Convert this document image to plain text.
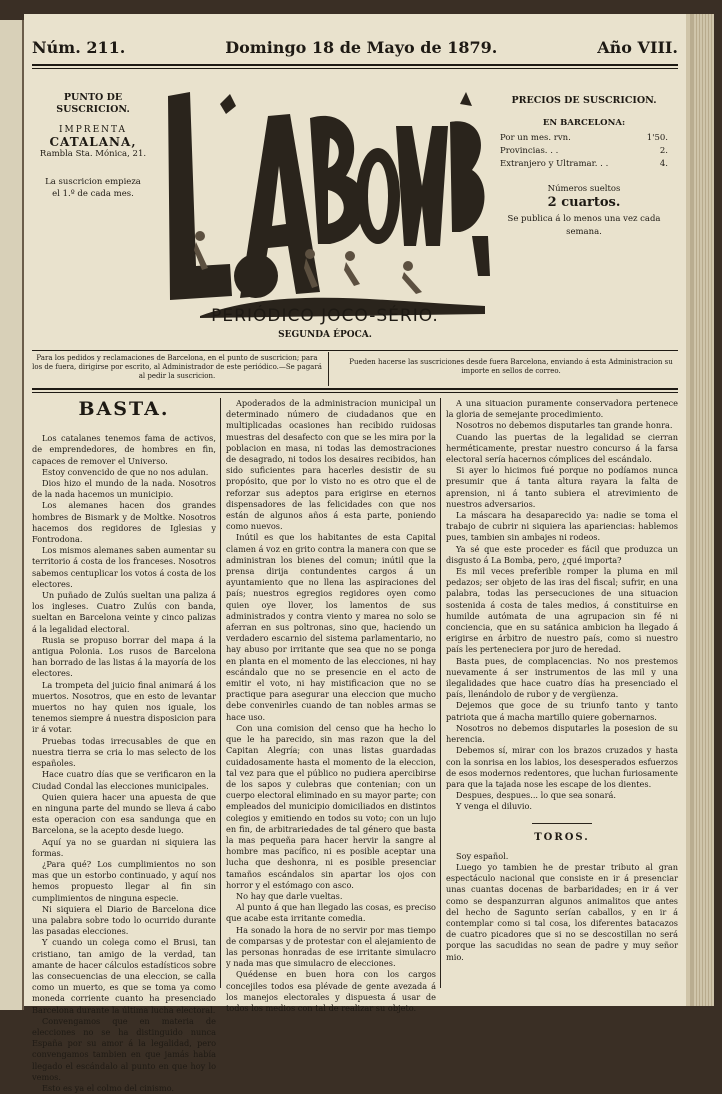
Núm. 211.	Domingo 18 de Mayo de 1879.	Año VIII.
PUNTO DE SUSCRICION.
IMPRENTA
CATALANA,
Rambla Sta. Mónica, 21.
La suscricion empieza
el 1.º de cada mes.
PERIÓDICO JOCO-SÉRIO.
SEGUNDA ÉPOCA.
PRECIOS DE SUSCRICION.
EN BARCELONA:
Por un mes. rvn.	1'50.
Provincias. . .	2.
Extranjero y Ultramar. . .	4.
Números sueltos
2 cuartos.
Se publica á lo menos una vez cada semana.
Para los pedidos y reclamaciones de Barcelona, en el punto de suscricion; para los de fuera, dirigirse por escrito, al Administrador de este periódico.—Se pagará al pedir la suscricion.
Pueden hacerse las suscriciones desde fuera Barcelona, enviando á esta Administracion su importe en sellos de correo.
BASTA.

Los catalanes tenemos fama de activos, de emprendedores, de hombres en fin, capaces de remover el Universo.

Estoy convencido de que no nos adulan.

Dios hizo el mundo de la nada. Nosotros de la nada hacemos un municipio.

Los alemanes hacen dos grandes hombres de Bismark y de Moltke. Nosotros hacemos dos regidores de Iglesias y Fontrodona.

Los mismos alemanes saben aumentar su territorio á costa de los franceses. Nosotros sabemos centuplicar los votos á costa de los electores.

Un puñado de Zulús sueltan una paliza á los ingleses. Cuatro Zulús con banda, sueltan en Barcelona veinte y cinco palizas á la legalidad electoral.

Rusia se propuso borrar del mapa á la antigua Polonia. Los rusos de Barcelona han borrado de las listas á la mayoría de los electores.

La trompeta del juicio final animará á los muertos. Nosotros, que en esto de levantar muertos no hay quien nos iguale, los tenemos siempre á nuestra disposicion para ir á votar.

Pruebas todas irrecusables de que en nuestra tierra se cria lo mas selecto de los españoles.

Hace cuatro días que se verificaron en la Ciudad Condal las elecciones municipales.

Quien quiera hacer una apuesta de que en ninguna parte del mundo se lleva á cabo esta operacion con esa sandunga que en Barcelona, se la acepto desde luego.

Aquí ya no se guardan ni siquiera las formas.

¿Para qué? Los cumplimientos no son mas que un estorbo continuado, y aquí nos hemos propuesto llegar al fin sin cumplimientos de ninguna especie.

Ni siquiera el Diario de Barcelona dice una palabra sobre todo lo ocurrido durante las pasadas elecciones.

Y cuando un colega como el Brusi, tan cristiano, tan amigo de la verdad, tan amante de hacer cálculos estadísticos sobre las consecuencias de una eleccion, se calla como un muerto, es que se toma ya como moneda corriente cuanto ha presenciado Barcelona durante la última lucha electoral.

Convengamos que en materia de elecciones no se ha distinguido nunca España por su amor á la legalidad, pero convengamos tambien en que jamás había llegado el escándalo al punto en que hoy lo vemos.

Esto es ya el colmo del cinismo.

Apoderados de la administracion municipal un determinado número de ciudadanos que en multiplicadas ocasiones han recibido ruidosas muestras del desafecto con que se les mira por la poblacion en masa, ni todas las demostraciones de desagrado, ni todos los desaires recibidos, han sido suficientes para hacerles desistir de su propósito, que por lo visto no es otro que el de reforzar sus adeptos para erigirse en eternos dispensadores de las felicidades con que nos están de algunos años á esta parte, poniendo como nuevos.

Inútil es que los habitantes de esta Capital clamen á voz en grito contra la manera con que se administran los bienes del comun; inútil que la prensa dirija contundentes cargos á un ayuntamiento que no llena las aspiraciones del país; nuestros egregios regidores oyen como quien oye llover, los lamentos de sus administrados y contra viento y marea no solo se aferran en sus poltronas, sino que, haciendo un verdadero escarnio del sistema parlamentario, no hay abuso por irritante que sea que no se ponga en planta en el momento de las elecciones, ni hay escándalo que no se presencie en el acto de emitir el voto, ni hay mistificacion que no se practique para asegurar una eleccion que mucho debe convenirles cuando de tan nobles armas se hace uso.

Con una comision del censo que ha hecho lo que le ha parecido, sin mas razon que la del Capitan Alegría; con unas listas guardadas cuidadosamente hasta el momento de la eleccion, tal vez para que el público no pudiera apercibirse de los sapos y culebras que contenian; con un cuerpo electoral eliminado en su mayor parte; con empleados del municipio domiciliados en distintos colegios y emitiendo en todos su voto; con un lujo en fin, de arbitrariedades de tal género que basta la mas pequeña para hacer hervir la sangre al hombre mas pacífico, ni es posible aceptar una lucha que deshonra, ni es posible presenciar tamaños escándalos sin apartar los ojos con horror y el estómago con asco.

No hay que darle vueltas.

Al punto á que han llegado las cosas, es preciso que acabe esta irritante comedia.

Ha sonado la hora de no servir por mas tiempo de comparsas y de protestar con el alejamiento de las personas honradas de ese irritante simulacro y nada mas que simulacro de elecciones.

Quédense en buen hora con los cargos concejiles todos esa plévade de gente avezada á los manejos electorales y dispuesta á usar de todos los medios con tal de realizar su objeto.

A una situacion puramente conservadora pertenece la gloria de semejante procedimiento.

Nosotros no debemos disputarles tan grande honra.

Cuando las puertas de la legalidad se cierran herméticamente, prestar nuestro concurso á la farsa electoral sería hacernos cómplices del escándalo.

Si ayer lo hicimos fué porque no podíamos nunca presumir que á tanta altura rayara la falta de aprension, ni á tanto subiera el atrevimiento de nuestros adversarios.

La máscara ha desaparecido ya: nadie se toma el trabajo de cubrir ni siquiera las apariencias: hablemos pues, tambien sin ambajes ni rodeos.

Ya sé que este proceder es fácil que produzca un disgusto á La Bomba, pero, ¿qué importa?

Es mil veces preferible romper la pluma en mil pedazos; ser objeto de las iras del fiscal; sufrir, en una palabra, todas las persecuciones de una situacion sostenida á costa de tales medios, á constituirse en humilde autómata de una agrupacion sin fé ni conciencia, que en su satánica ambicion ha llegado á erigirse en árbitro de nuestro país, como si nuestro país les perteneciera por juro de heredad.

Basta pues, de complacencias. No nos prestemos nuevamente á ser instrumentos de las mil y una ilegalidades que hace cuatro días ha presenciado el país, llenándolo de rubor y de vergüenza.

Dejemos que goce de su triunfo tanto y tanto patriota que á macha martillo quiere gobernarnos.

Nosotros no debemos disputarles la posesion de su herencia.

Debemos sí, mirar con los brazos cruzados y hasta con la sonrisa en los labios, los desesperados esfuerzos de esos modernos redentores, que luchan furiosamente para que la tajada nose les escape de los dientes.

Despues, despues... lo que sea sonará.

Y venga el diluvio.

TOROS.

Soy español.

Luego yo tambien he de prestar tributo al gran espectáculo nacional que consiste en ir á presenciar unas cuantas docenas de barbaridades; en ir á ver como se despanzurran algunos animalitos que antes del hecho de Sagunto serían caballos, y en ir á contemplar como si tal cosa, los diferentes batacazos de cuatro picadores que si no se descostillan no será porque las sacudidas no sean de padre y muy señor mio.
